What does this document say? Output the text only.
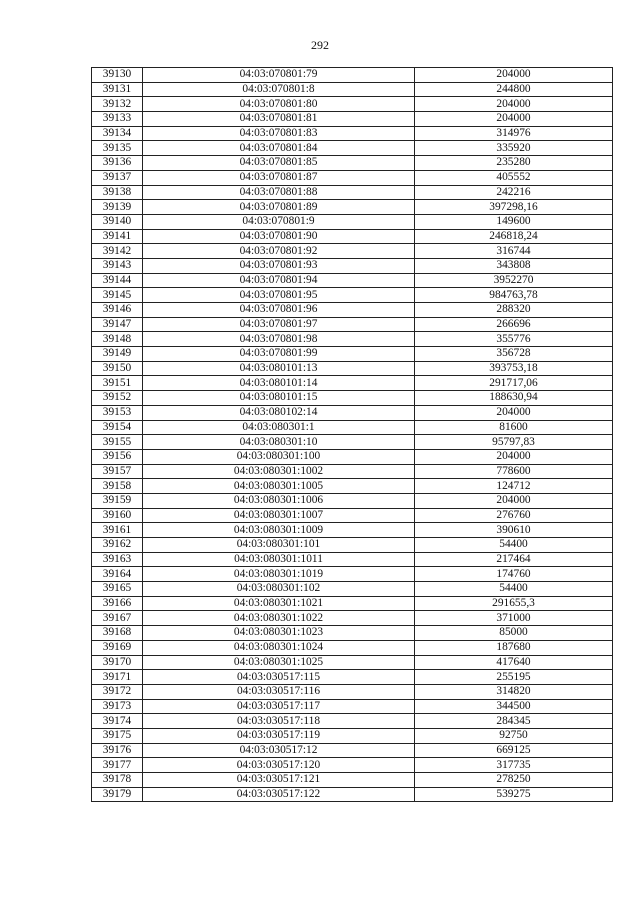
292
39130	04:03:070801:79	204000
39131	04:03:070801:8	244800
39132	04:03:070801:80	204000
39133	04:03:070801:81	204000
39134	04:03:070801:83	314976
39135	04:03:070801:84	335920
39136	04:03:070801:85	235280
39137	04:03:070801:87	405552
39138	04:03:070801:88	242216
39139	04:03:070801:89	397298,16
39140	04:03:070801:9	149600
39141	04:03:070801:90	246818,24
39142	04:03:070801:92	316744
39143	04:03:070801:93	343808
39144	04:03:070801:94	3952270
39145	04:03:070801:95	984763,78
39146	04:03:070801:96	288320
39147	04:03:070801:97	266696
39148	04:03:070801:98	355776
39149	04:03:070801:99	356728
39150	04:03:080101:13	393753,18
39151	04:03:080101:14	291717,06
39152	04:03:080101:15	188630,94
39153	04:03:080102:14	204000
39154	04:03:080301:1	81600
39155	04:03:080301:10	95797,83
39156	04:03:080301:100	204000
39157	04:03:080301:1002	778600
39158	04:03:080301:1005	124712
39159	04:03:080301:1006	204000
39160	04:03:080301:1007	276760
39161	04:03:080301:1009	390610
39162	04:03:080301:101	54400
39163	04:03:080301:1011	217464
39164	04:03:080301:1019	174760
39165	04:03:080301:102	54400
39166	04:03:080301:1021	291655,3
39167	04:03:080301:1022	371000
39168	04:03:080301:1023	85000
39169	04:03:080301:1024	187680
39170	04:03:080301:1025	417640
39171	04:03:030517:115	255195
39172	04:03:030517:116	314820
39173	04:03:030517:117	344500
39174	04:03:030517:118	284345
39175	04:03:030517:119	92750
39176	04:03:030517:12	669125
39177	04:03:030517:120	317735
39178	04:03:030517:121	278250
39179	04:03:030517:122	539275
